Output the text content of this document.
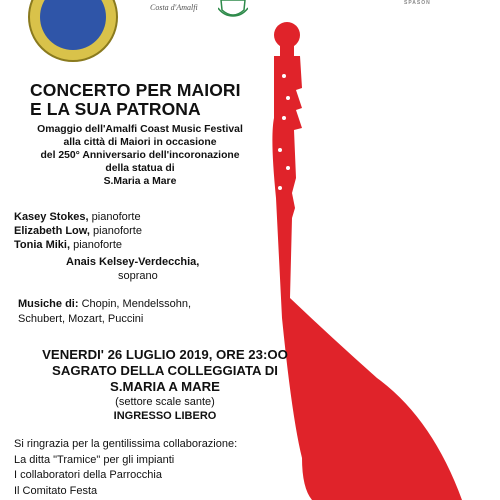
Costa d'Amalfi	SPASON
CONCERTO PER MAIORI
E LA SUA PATRONA
Omaggio dell'Amalfi Coast Music Festival
alla città di Maiori in occasione
del 250° Anniversario dell'incoronazione
della statua di
S.Maria a Mare
Kasey Stokes, pianoforte
Elizabeth Low, pianoforte
Tonia Miki, pianoforte
Anais Kelsey-Verdecchia,
soprano
Musiche di: Chopin, Mendelssohn,
Schubert, Mozart, Puccini
VENERDI' 26 LUGLIO 2019, ORE 23:OO
SAGRATO DELLA COLLEGGIATA DI
S.MARIA A MARE
(settore scale sante)
INGRESSO LIBERO
Si ringrazia per la gentilissima collaborazione:
La ditta "Tramice" per gli impianti
I collaboratori della Parrocchia
Il Comitato Festa
